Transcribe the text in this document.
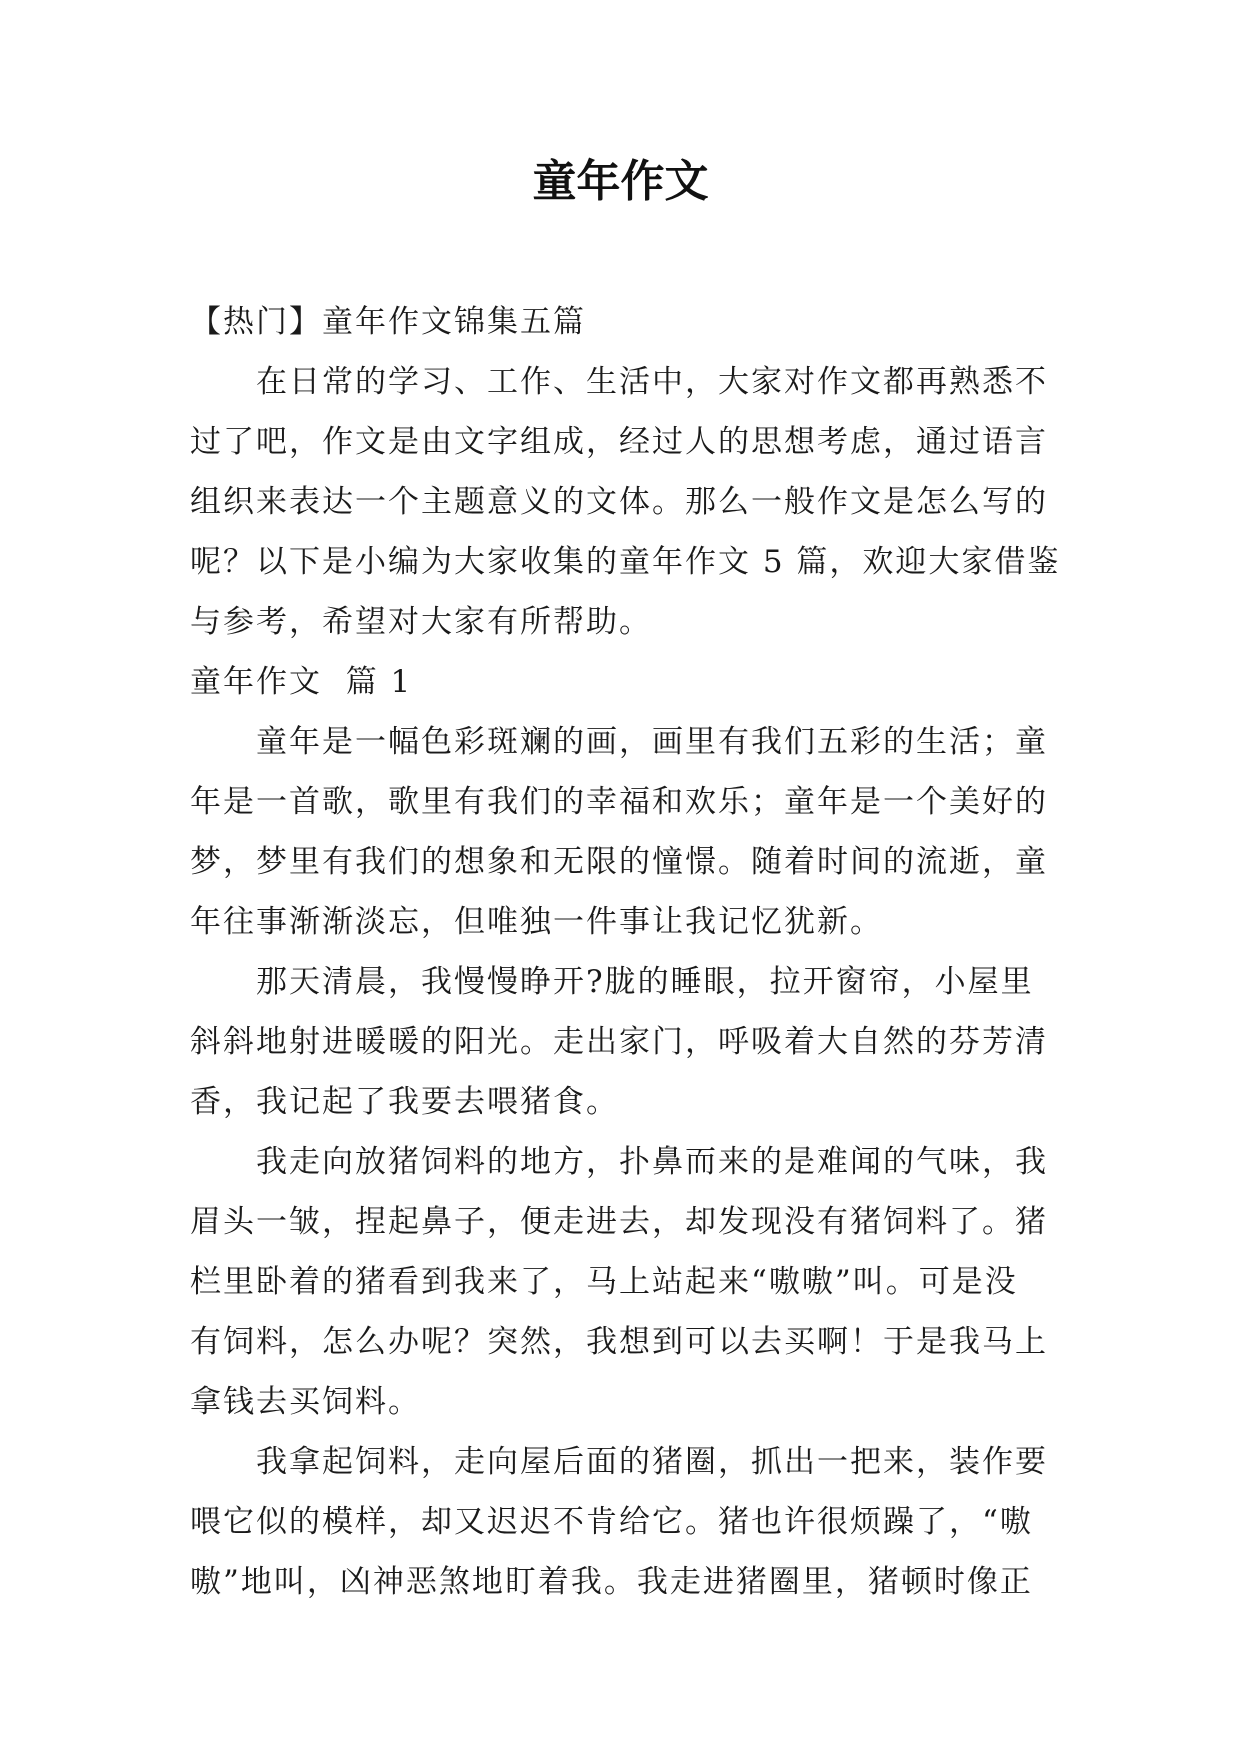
童年作文

【热门】童年作文锦集五篇

在日常的学习、工作、生活中，大家对作文都再熟悉不
过了吧，作文是由文字组成，经过人的思想考虑，通过语言
组织来表达一个主题意义的文体。那么一般作文是怎么写的
呢？以下是小编为大家收集的童年作文 5 篇，欢迎大家借鉴
与参考，希望对大家有所帮助。

童年作文  篇 1

童年是一幅色彩斑斓的画，画里有我们五彩的生活；童
年是一首歌，歌里有我们的幸福和欢乐；童年是一个美好的
梦，梦里有我们的想象和无限的憧憬。随着时间的流逝，童
年往事渐渐淡忘，但唯独一件事让我记忆犹新。

那天清晨，我慢慢睁开?胧的睡眼，拉开窗帘，小屋里
斜斜地射进暖暖的阳光。走出家门，呼吸着大自然的芬芳清
香，我记起了我要去喂猪食。

我走向放猪饲料的地方，扑鼻而来的是难闻的气味，我
眉头一皱，捏起鼻子，便走进去，却发现没有猪饲料了。猪
栏里卧着的猪看到我来了，马上站起来“嗷嗷”叫。可是没
有饲料，怎么办呢？突然，我想到可以去买啊！于是我马上
拿钱去买饲料。

我拿起饲料，走向屋后面的猪圈，抓出一把来，装作要
喂它似的模样，却又迟迟不肯给它。猪也许很烦躁了，“嗷
嗷”地叫，凶神恶煞地盯着我。我走进猪圈里，猪顿时像正
